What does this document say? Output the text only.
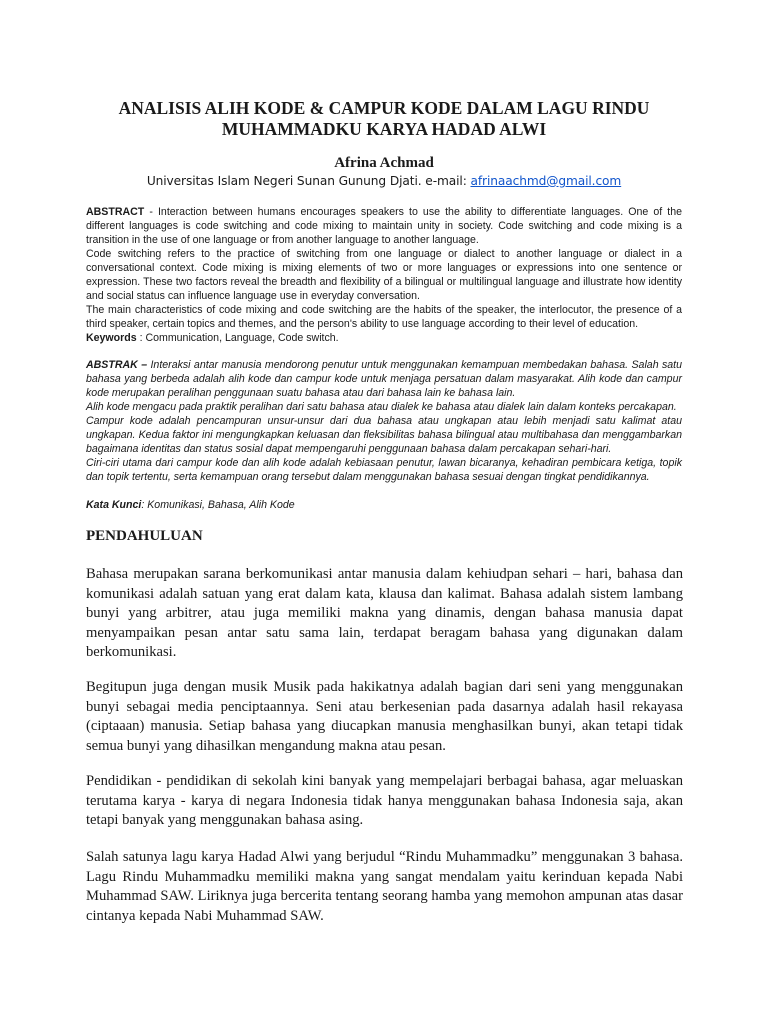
ANALISIS ALIH KODE & CAMPUR KODE DALAM LAGU RINDU
MUHAMMADKU KARYA HADAD ALWI

Afrina Achmad

Universitas Islam Negeri Sunan Gunung Djati. e-mail: afrinaachmd@gmail.com

ABSTRACT - Interaction between humans encourages speakers to use the ability to differentiate languages. One of the different languages is code switching and code mixing to maintain unity in society. Code switching and code mixing is a transition in the use of one language or from another language to another language.

Code switching refers to the practice of switching from one language or dialect to another language or dialect in a conversational context. Code mixing is mixing elements of two or more languages or expressions into one sentence or expression. These two factors reveal the breadth and flexibility of a bilingual or multilingual language and illustrate how identity and social status can influence language use in everyday conversation.

The main characteristics of code mixing and code switching are the habits of the speaker, the interlocutor, the presence of a third speaker, certain topics and themes, and the person's ability to use language according to their level of education.

Keywords : Communication, Language, Code switch.

ABSTRAK – Interaksi antar manusia mendorong penutur untuk menggunakan kemampuan membedakan bahasa. Salah satu bahasa yang berbeda adalah alih kode dan campur kode untuk menjaga persatuan dalam masyarakat. Alih kode dan campur kode merupakan peralihan penggunaan suatu bahasa atau dari bahasa lain ke bahasa lain.

Alih kode mengacu pada praktik peralihan dari satu bahasa atau dialek ke bahasa atau dialek lain dalam konteks percakapan.

Campur kode adalah pencampuran unsur-unsur dari dua bahasa atau ungkapan atau lebih menjadi satu kalimat atau ungkapan. Kedua faktor ini mengungkapkan keluasan dan fleksibilitas bahasa bilingual atau multibahasa dan menggambarkan bagaimana identitas dan status sosial dapat mempengaruhi penggunaan bahasa dalam percakapan sehari-hari.

Ciri-ciri utama dari campur kode dan alih kode adalah kebiasaan penutur, lawan bicaranya, kehadiran pembicara ketiga, topik dan topik tertentu, serta kemampuan orang tersebut dalam menggunakan bahasa sesuai dengan tingkat pendidikannya.

Kata Kunci: Komunikasi, Bahasa, Alih Kode

PENDAHULUAN

Bahasa merupakan sarana berkomunikasi antar manusia dalam kehiudpan sehari – hari, bahasa dan komunikasi adalah satuan yang erat dalam kata, klausa dan kalimat. Bahasa adalah sistem lambang bunyi yang arbitrer, atau juga memiliki makna yang dinamis, dengan bahasa manusia dapat menyampaikan pesan antar satu sama lain, terdapat beragam bahasa yang digunakan dalam berkomunikasi.

Begitupun juga dengan musik Musik pada hakikatnya adalah bagian dari seni yang menggunakan bunyi sebagai media penciptaannya. Seni atau berkesenian pada dasarnya adalah hasil rekayasa (ciptaaan) manusia. Setiap bahasa yang diucapkan manusia menghasilkan bunyi, akan tetapi tidak semua bunyi yang dihasilkan mengandung makna atau pesan.

Pendidikan - pendidikan di sekolah kini banyak yang mempelajari berbagai bahasa, agar meluaskan terutama karya - karya di negara Indonesia tidak hanya menggunakan bahasa Indonesia saja, akan tetapi banyak yang menggunakan bahasa asing.

Salah satunya lagu karya Hadad Alwi yang berjudul “Rindu Muhammadku” menggunakan 3 bahasa. Lagu Rindu Muhammadku memiliki makna yang sangat mendalam yaitu kerinduan kepada Nabi Muhammad SAW. Liriknya juga bercerita tentang seorang hamba yang memohon ampunan atas dasar cintanya kepada Nabi Muhammad SAW.
